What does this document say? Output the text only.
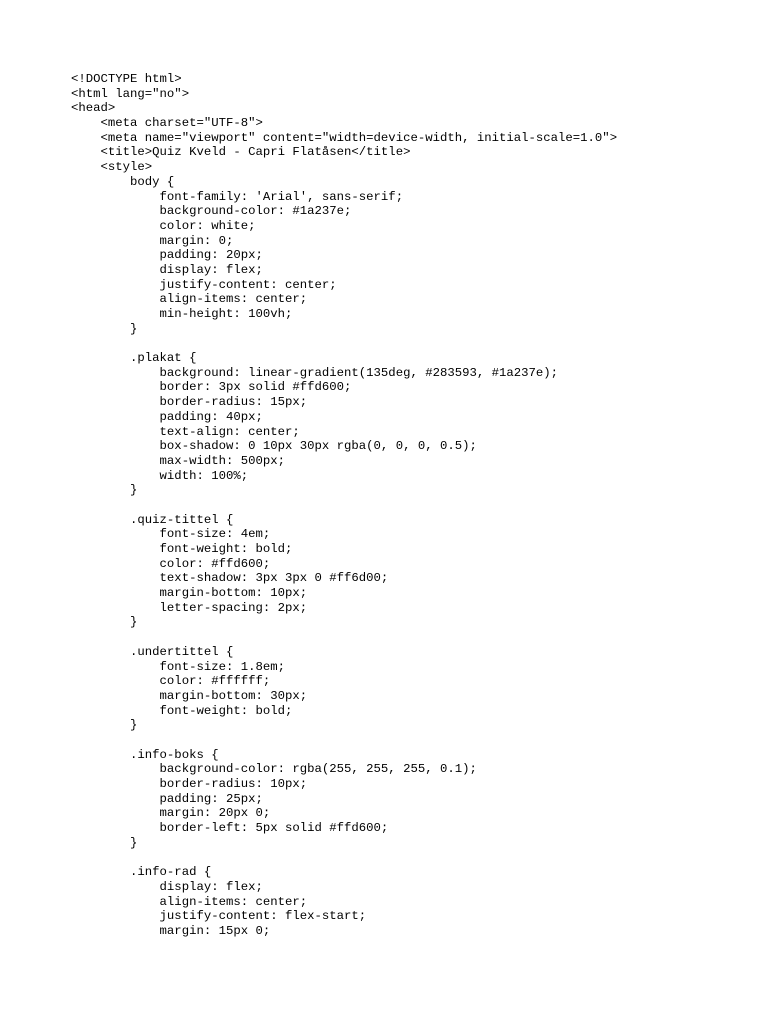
<!DOCTYPE html>
<html lang="no">
<head>
<meta charset="UTF-8">
<meta name="viewport" content="width=device-width, initial-scale=1.0">
<title>Quiz Kveld - Capri Flatåsen</title>
<style>
body {
font-family: 'Arial', sans-serif;
background-color: #1a237e;
color: white;
margin: 0;
padding: 20px;
display: flex;
justify-content: center;
align-items: center;
min-height: 100vh;
}
.plakat {
background: linear-gradient(135deg, #283593, #1a237e);
border: 3px solid #ffd600;
border-radius: 15px;
padding: 40px;
text-align: center;
box-shadow: 0 10px 30px rgba(0, 0, 0, 0.5);
max-width: 500px;
width: 100%;
}
.quiz-tittel {
font-size: 4em;
font-weight: bold;
color: #ffd600;
text-shadow: 3px 3px 0 #ff6d00;
margin-bottom: 10px;
letter-spacing: 2px;
}
.undertittel {
font-size: 1.8em;
color: #ffffff;
margin-bottom: 30px;
font-weight: bold;
}
.info-boks {
background-color: rgba(255, 255, 255, 0.1);
border-radius: 10px;
padding: 25px;
margin: 20px 0;
border-left: 5px solid #ffd600;
}
.info-rad {
display: flex;
align-items: center;
justify-content: flex-start;
margin: 15px 0;
